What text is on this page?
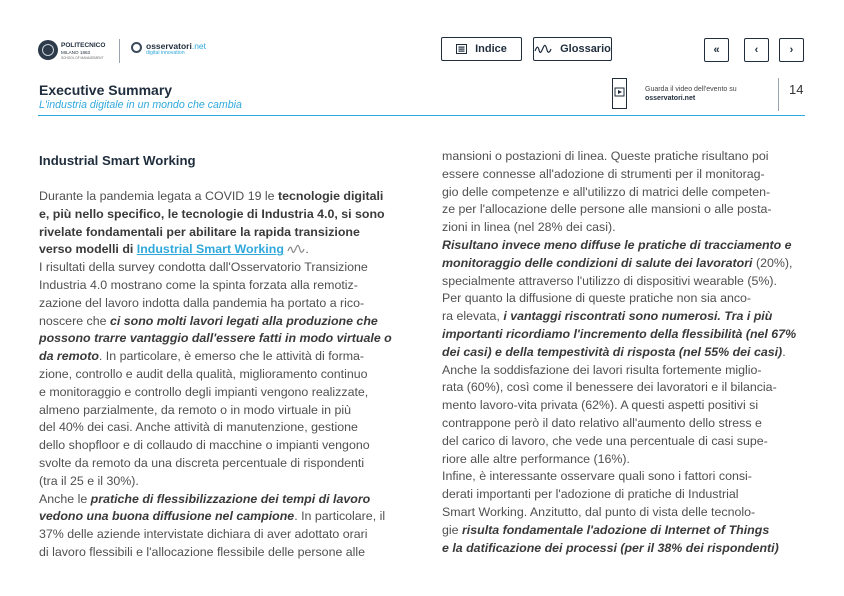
POLITECNICO
MILANO 1863
SCHOOL OF MANAGEMENT
osservatori.net
digital innovation	Indice	Glossario	«	‹	›
Executive Summary
L'industria digitale in un mondo che cambia
Guarda il video dell'evento su
osservatori.net
14
Industrial Smart Working
Durante la pandemia legata a COVID 19 le tecnologie digitali
e, più nello specifico, le tecnologie di Industria 4.0, si sono
rivelate fondamentali per abilitare la rapida transizione
verso modelli di Industrial Smart Working .
I risultati della survey condotta dall'Osservatorio Transizione
Industria 4.0 mostrano come la spinta forzata alla remotiz-
zazione del lavoro indotta dalla pandemia ha portato a rico-
noscere che ci sono molti lavori legati alla produzione che
possono trarre vantaggio dall'essere fatti in modo virtuale o
da remoto. In particolare, è emerso che le attività di forma-
zione, controllo e audit della qualità, miglioramento continuo
e monitoraggio e controllo degli impianti vengono realizzate,
almeno parzialmente, da remoto o in modo virtuale in più
del 40% dei casi. Anche attività di manutenzione, gestione
dello shopfloor e di collaudo di macchine o impianti vengono
svolte da remoto da una discreta percentuale di rispondenti
(tra il 25 e il 30%).
Anche le pratiche di flessibilizzazione dei tempi di lavoro
vedono una buona diffusione nel campione. In particolare, il
37% delle aziende intervistate dichiara di aver adottato orari
di lavoro flessibili e l'allocazione flessibile delle persone alle
mansioni o postazioni di linea. Queste pratiche risultano poi
essere connesse all'adozione di strumenti per il monitorag-
gio delle competenze e all'utilizzo di matrici delle competen-
ze per l'allocazione delle persone alle mansioni o alle posta-
zioni in linea (nel 28% dei casi).
Risultano invece meno diffuse le pratiche di tracciamento e
monitoraggio delle condizioni di salute dei lavoratori (20%),
specialmente attraverso l'utilizzo di dispositivi wearable (5%).
Per quanto la diffusione di queste pratiche non sia anco-
ra elevata, i vantaggi riscontrati sono numerosi. Tra i più
importanti ricordiamo l'incremento della flessibilità (nel 67%
dei casi) e della tempestività di risposta (nel 55% dei casi).
Anche la soddisfazione dei lavori risulta fortemente miglio-
rata (60%), così come il benessere dei lavoratori e il bilancia-
mento lavoro-vita privata (62%). A questi aspetti positivi si
contrappone però il dato relativo all'aumento dello stress e
del carico di lavoro, che vede una percentuale di casi supe-
riore alle altre performance (16%).
Infine, è interessante osservare quali sono i fattori consi-
derati importanti per l'adozione di pratiche di Industrial
Smart Working. Anzitutto, dal punto di vista delle tecnolo-
gie risulta fondamentale l'adozione di Internet of Things
e la datificazione dei processi (per il 38% dei rispondenti)
